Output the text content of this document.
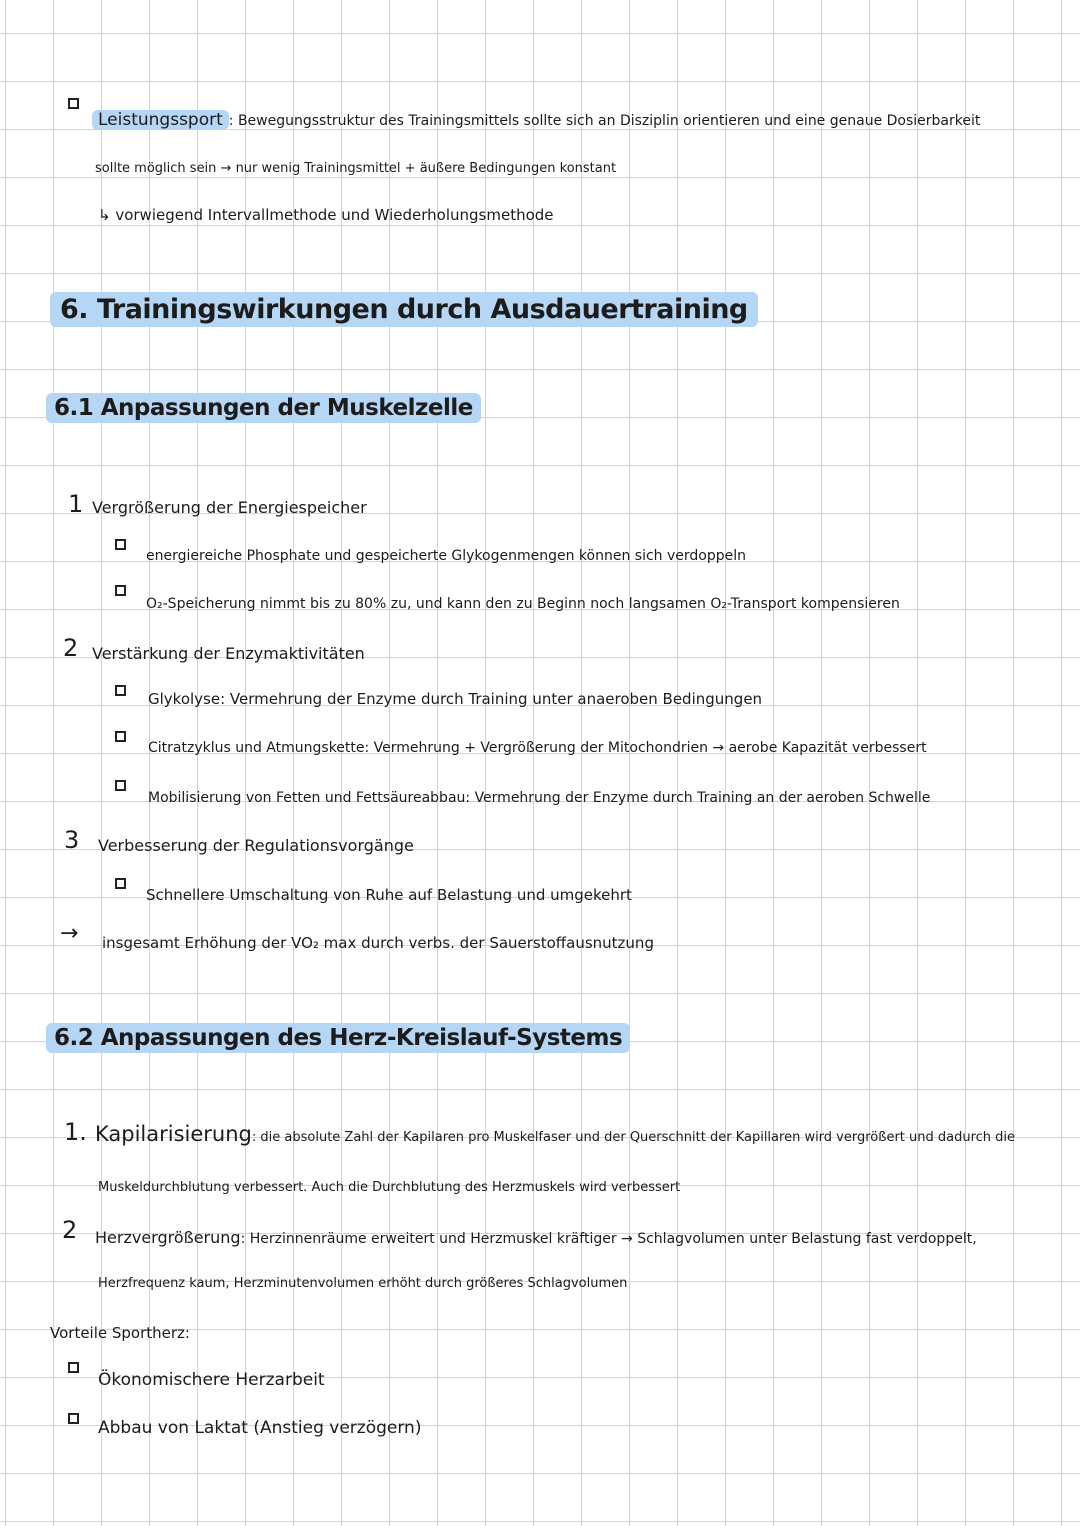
Leistungssport : Bewegungsstruktur des Trainingsmittels sollte sich an Disziplin orientieren und eine genaue Dosierbarkeit
sollte möglich sein → nur wenig Trainingsmittel + äußere Bedingungen konstant
↳ vorwiegend Intervallmethode und Wiederholungsmethode
6. Trainingswirkungen durch Ausdauertraining
6.1 Anpassungen der Muskelzelle
1 Vergrößerung der Energiespeicher
energiereiche Phosphate und gespeicherte Glykogenmengen können sich verdoppeln
O₂-Speicherung nimmt bis zu 80% zu, und kann den zu Beginn noch langsamen O₂-Transport kompensieren
2 Verstärkung der Enzymaktivitäten
Glykolyse: Vermehrung der Enzyme durch Training unter anaeroben Bedingungen
Citratzyklus und Atmungskette: Vermehrung + Vergrößerung der Mitochondrien → aerobe Kapazität verbessert
Mobilisierung von Fetten und Fettsäureabbau: Vermehrung der Enzyme durch Training an der aeroben Schwelle
3 Verbesserung der Regulationsvorgänge
Schnellere Umschaltung von Ruhe auf Belastung und umgekehrt
→ insgesamt Erhöhung der VO₂ max durch verbs. der Sauerstoffausnutzung
6.2 Anpassungen des Herz-Kreislauf-Systems
1. Kapilarisierung: die absolute Zahl der Kapilaren pro Muskelfaser und der Querschnitt der Kapillaren wird vergrößert und dadurch die
Muskeldurchblutung verbessert. Auch die Durchblutung des Herzmuskels wird verbessert
2 Herzvergrößerung: Herzinnenräume erweitert und Herzmuskel kräftiger → Schlagvolumen unter Belastung fast verdoppelt,
Herzfrequenz kaum, Herzminutenvolumen erhöht durch größeres Schlagvolumen
Vorteile Sportherz:
Ökonomischere Herzarbeit
Abbau von Laktat (Anstieg verzögern)
